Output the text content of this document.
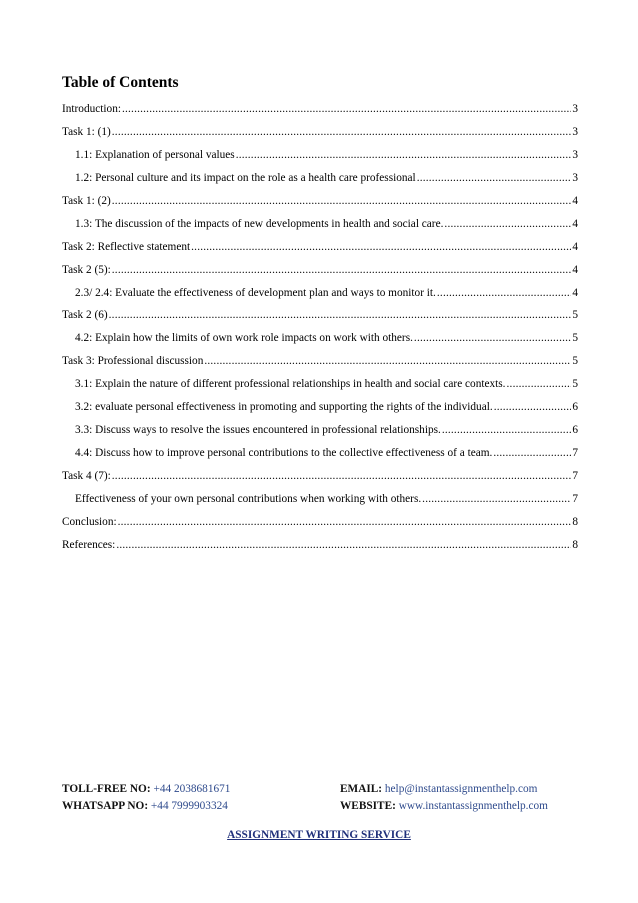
Table of Contents
Introduction: .....	3
Task 1: (1) .....	3
1.1: Explanation of personal values .....	3
1.2: Personal culture and its impact on the role as a health care professional .....	3
Task 1: (2) .....	4
1.3: The discussion of the impacts of new developments in health and social care. .....	4
Task 2: Reflective statement .....	4
Task 2 (5): .....	4
2.3/ 2.4: Evaluate the effectiveness of development plan and ways to monitor it. .....	4
Task 2 (6) .....	5
4.2: Explain how the limits of own work role impacts on work with others. .....	5
Task 3: Professional discussion .....	5
3.1: Explain the nature of different professional relationships in health and social care contexts. .....	5
3.2: evaluate personal effectiveness in promoting and supporting the rights of the individual. .....	6
3.3: Discuss ways to resolve the issues encountered in professional relationships. .....	6
4.4: Discuss how to improve personal contributions to the collective effectiveness of a team. .....	7
Task 4 (7): .....	7
Effectiveness of your own personal contributions when working with others. .....	7
Conclusion: .....	8
References: .....	8
TOLL-FREE NO: +44 2038681671	EMAIL: help@instantassignmenthelp.com
WHATSAPP NO: +44 7999903324	WEBSITE: www.instantassignmenthelp.com
ASSIGNMENT WRITING SERVICE
